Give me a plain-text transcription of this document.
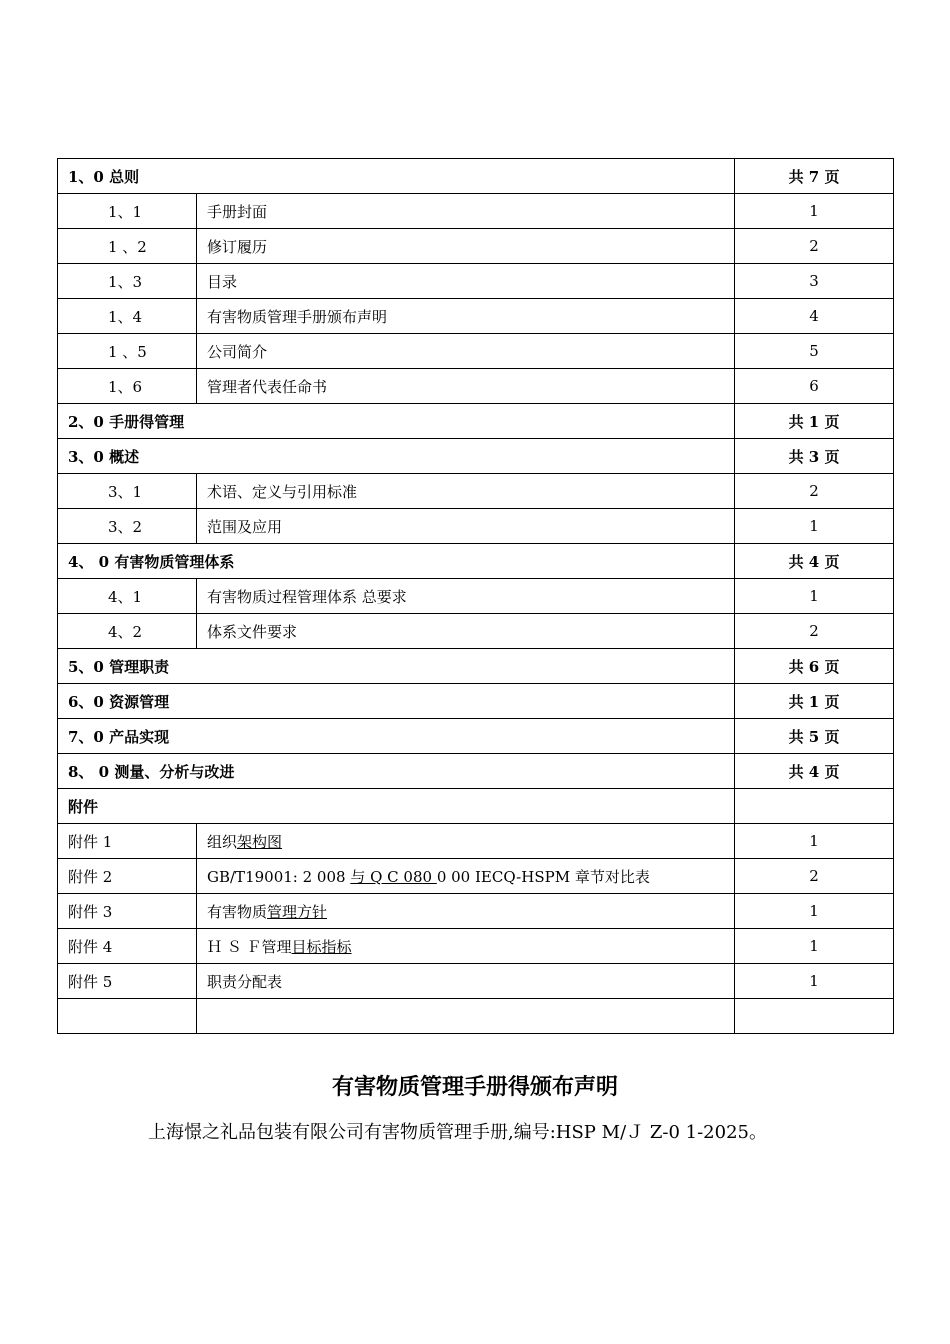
1、0 总则		共 7 页
1、1	手册封面	1
1 、2	修订履历	2
1、3	目录	3
1、4	有害物质管理手册颁布声明	4
1 、5	公司简介	5
1、6	管理者代表任命书	6
2、0 手册得管理		共 1 页
3、0 概述		共 3 页
3、1	术语、定义与引用标准	2
3、2	范围及应用	1
4、 0 有害物质管理体系		共 4 页
4、1	有害物质过程管理体系 总要求	1
4、2	体系文件要求	2
5、0 管理职责		共 6 页
6、0 资源管理		共 1 页
7、0 产品实现		共 5 页
8、 0 测量、分析与改进		共 4 页
附件		
附件 1	组织架构图	1
附件 2	GB/T19001: 2 008 与 Q C 080 0 00 IECQ-HSPM 章节对比表	2
附件 3	有害物质管理方针	1
附件 4	Ｈ Ｓ Ｆ管理目标指标	1
附件 5	职责分配表	1

有害物质管理手册得颁布声明
上海憬之礼品包装有限公司有害物质管理手册,编号:HSP M/Ｊ Z-0 1-2025。
